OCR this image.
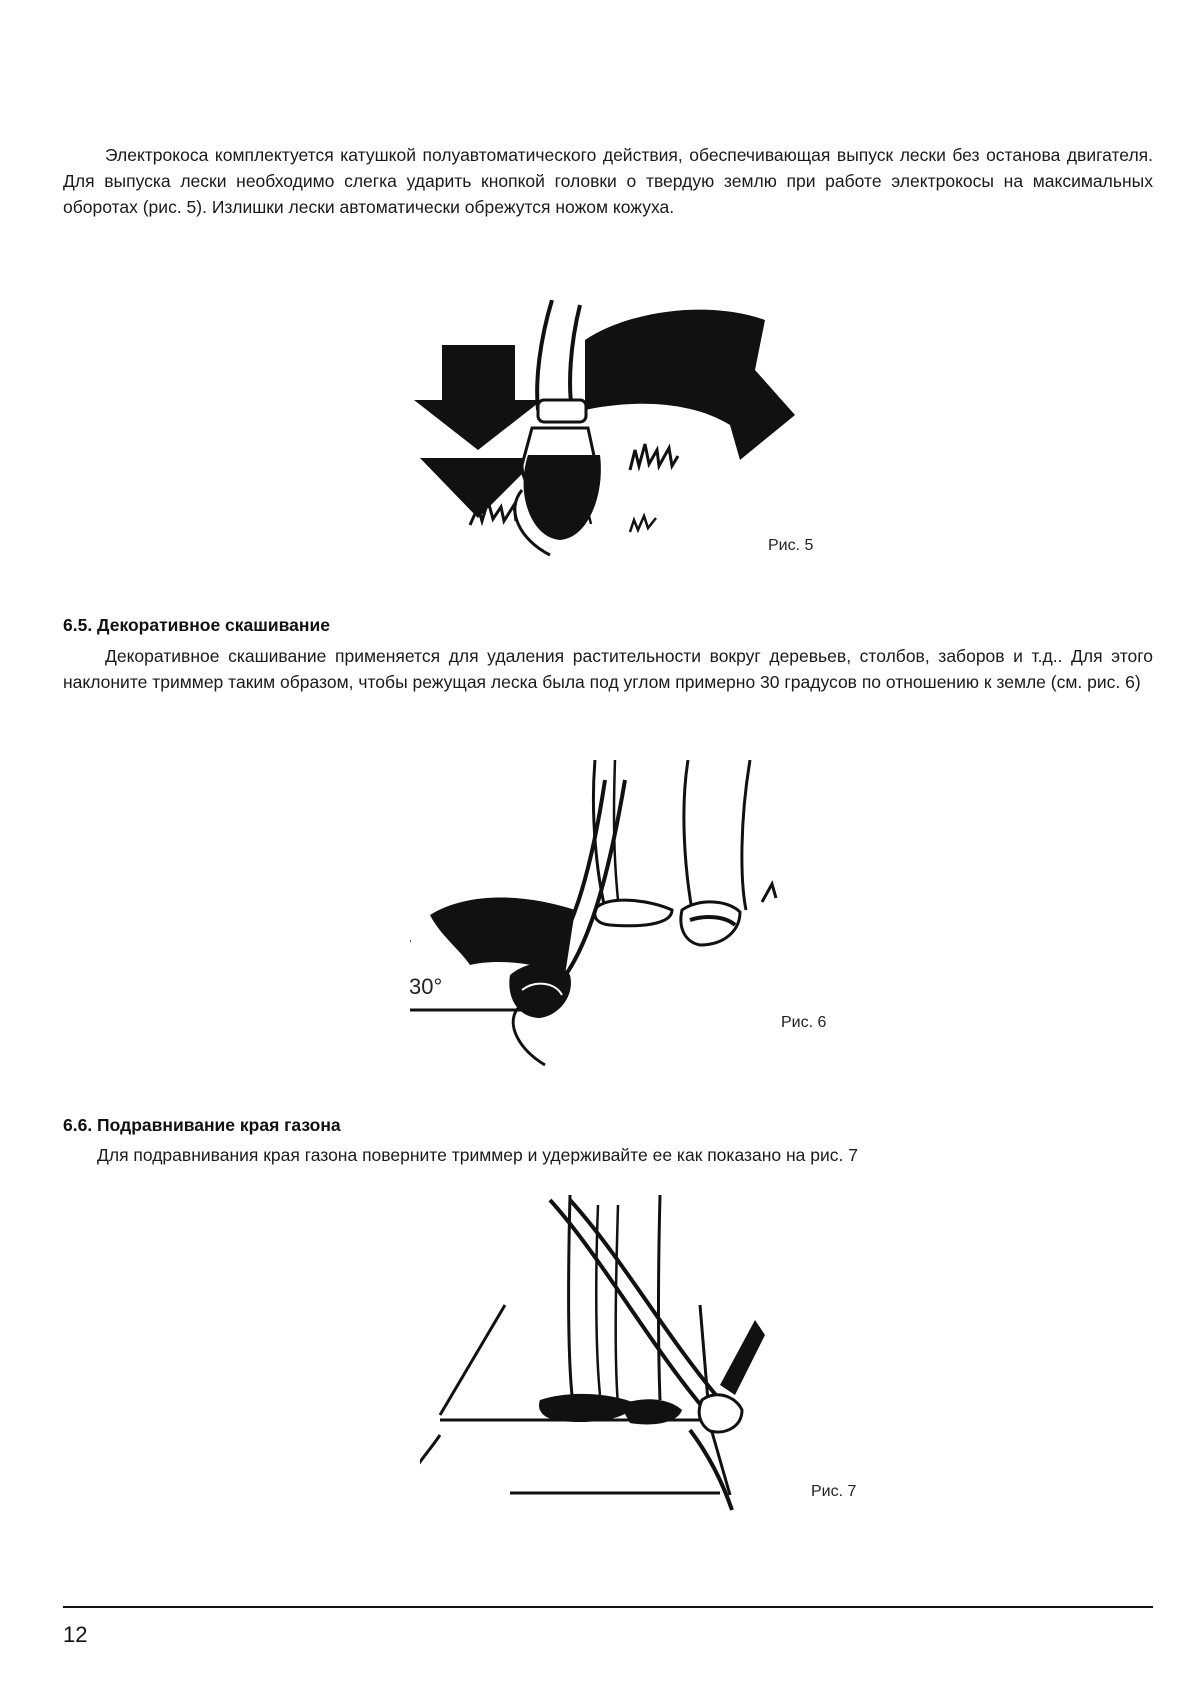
Электрокоса комплектуется катушкой полуавтоматического действия, обеспечивающая выпуск лески без останова двигателя. Для выпуска лески необходимо слегка ударить кнопкой головки о твердую землю при работе электрокосы на максимальных оборотах (рис. 5). Излишки лески автоматически обрежутся ножом кожуха.

Рис. 5
6.5. Декоративное скашивание

Декоративное скашивание применяется для удаления растительности вокруг деревьев, столбов, заборов и т.д.. Для этого наклоните триммер таким образом, чтобы режущая леска была под углом примерно 30 градусов по отношению к земле (см. рис. 6)

30°
Рис. 6
6.6. Подравнивание края газона

Для подравнивания края газона поверните триммер и удерживайте ее как показано на рис. 7

Рис. 7
12
